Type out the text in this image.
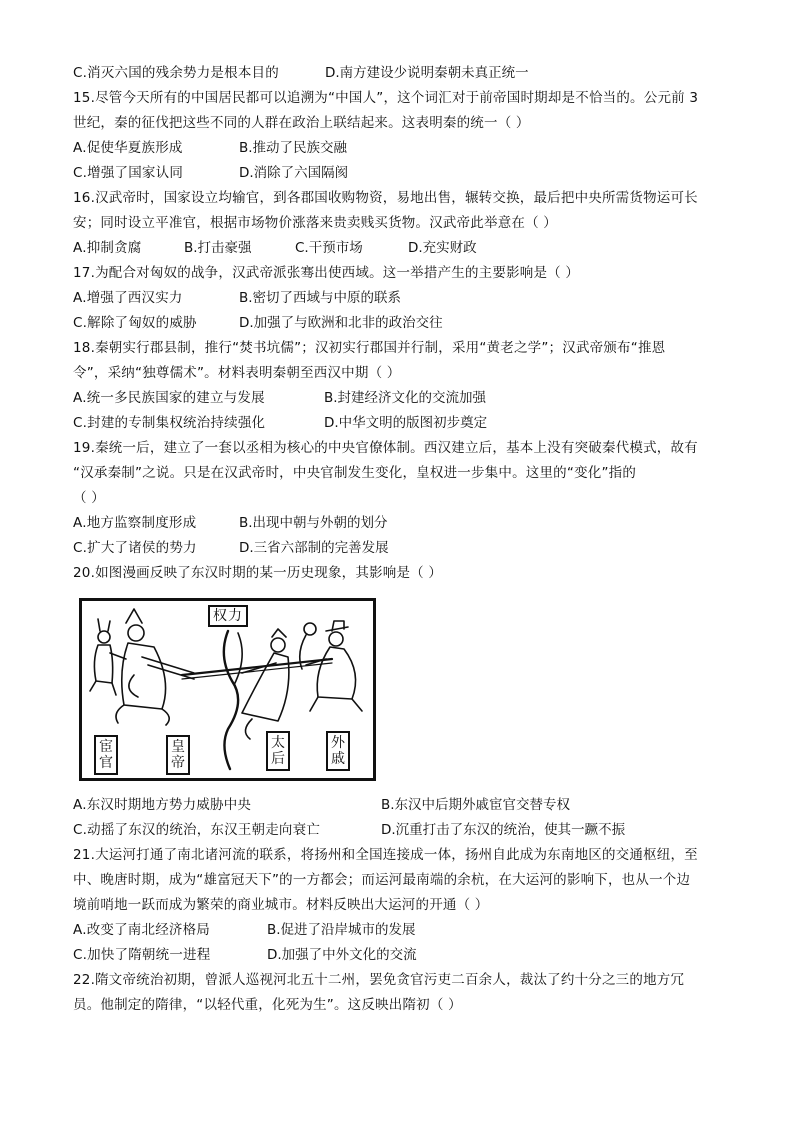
C.消灭六国的残余势力是根本目的	D.南方建设少说明秦朝未真正统一
15.尽管今天所有的中国居民都可以追溯为“中国人”，这个词汇对于前帝国时期却是不恰当的。公元前 3
世纪，秦的征伐把这些不同的人群在政治上联结起来。这表明秦的统一（ ）
A.促使华夏族形成	B.推动了民族交融
C.增强了国家认同	D.消除了六国隔阂
16.汉武帝时，国家设立均输官，到各郡国收购物资，易地出售，辗转交换，最后把中央所需货物运可长
安；同时设立平准官，根据市场物价涨落来贵卖贱买货物。汉武帝此举意在（ ）
A.抑制贪腐	B.打击豪强	C.干预市场	D.充实财政
17.为配合对匈奴的战争，汉武帝派张骞出使西域。这一举措产生的主要影响是（ ）
A.增强了西汉实力	B.密切了西域与中原的联系
C.解除了匈奴的威胁	D.加强了与欧洲和北非的政治交往
18.秦朝实行郡县制，推行“焚书坑儒”；汉初实行郡国并行制，采用“黄老之学”；汉武帝颁布“推恩
令”，采纳“独尊儒术”。材料表明秦朝至西汉中期（ ）
A.统一多民族国家的建立与发展	B.封建经济文化的交流加强
C.封建的专制集权统治持续强化	D.中华文明的版图初步奠定
19.秦统一后，建立了一套以丞相为核心的中央官僚体制。西汉建立后，基本上没有突破秦代模式，故有
“汉承秦制”之说。只是在汉武帝时，中央官制发生变化，皇权进一步集中。这里的“变化”指的
（ ）
A.地方监察制度形成	B.出现中朝与外朝的划分
C.扩大了诸侯的势力	D.三省六部制的完善发展
20.如图漫画反映了东汉时期的某一历史现象，其影响是（ ）
权力
宦官
皇帝
太后
外戚
A.东汉时期地方势力威胁中央	B.东汉中后期外戚宦官交替专权
C.动摇了东汉的统治，东汉王朝走向衰亡	D.沉重打击了东汉的统治，使其一蹶不振
21.大运河打通了南北诸河流的联系，将扬州和全国连接成一体，扬州自此成为东南地区的交通枢纽，至
中、晚唐时期，成为“雄富冠天下”的一方都会；而运河最南端的余杭，在大运河的影响下，也从一个边
境前哨地一跃而成为繁荣的商业城市。材料反映出大运河的开通（ ）
A.改变了南北经济格局	B.促进了沿岸城市的发展
C.加快了隋朝统一进程	D.加强了中外文化的交流
22.隋文帝统治初期，曾派人巡视河北五十二州，罢免贪官污吏二百余人，裁汰了约十分之三的地方冗
员。他制定的隋律，“以轻代重，化死为生”。这反映出隋初（ ）
